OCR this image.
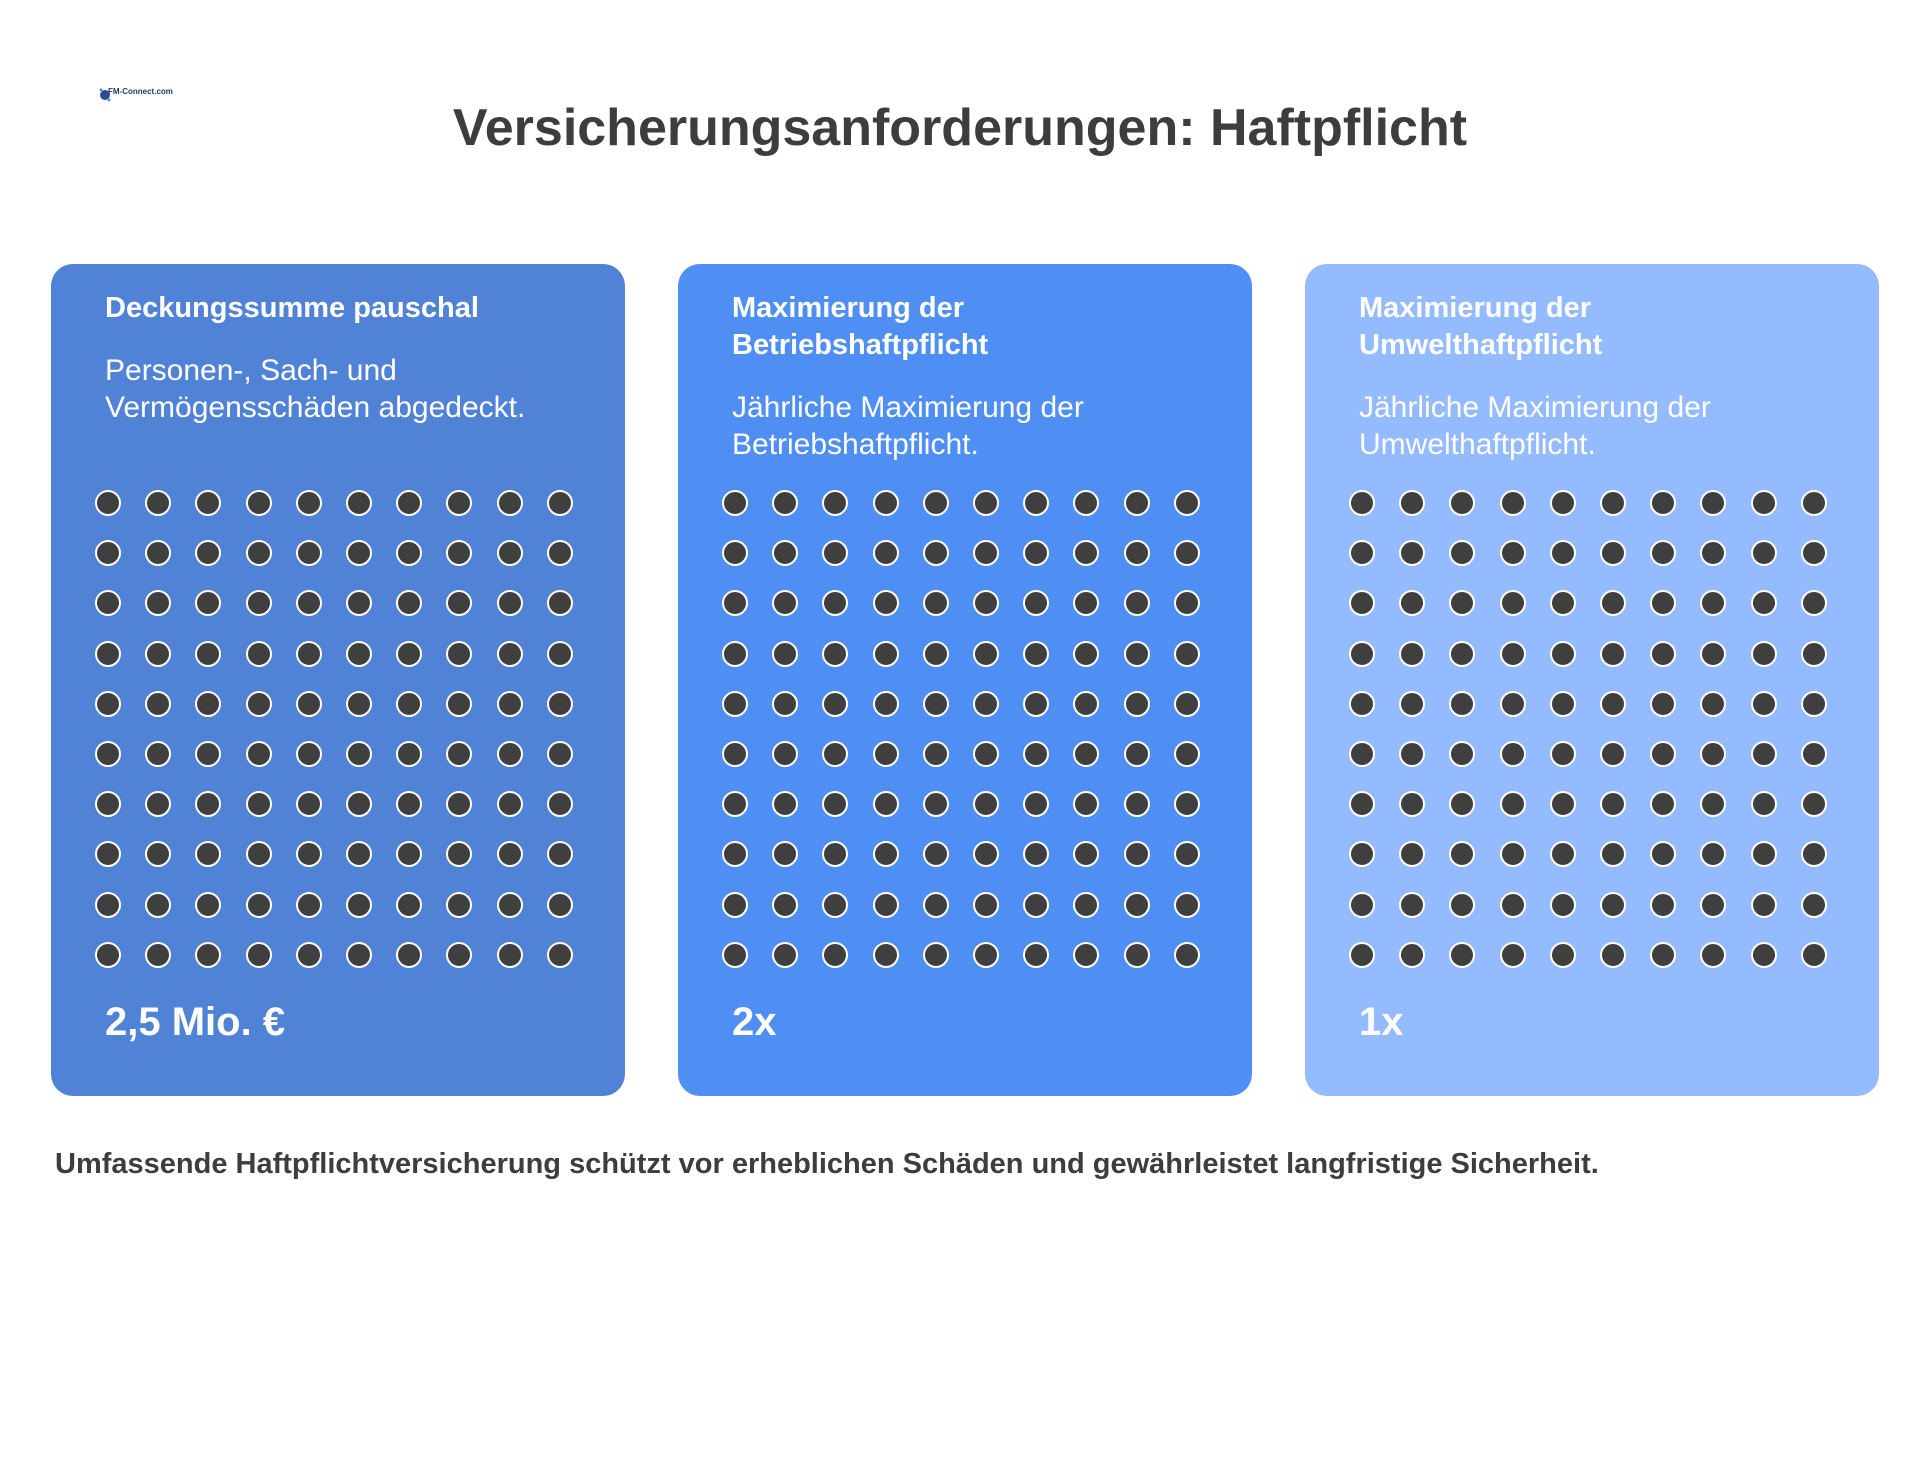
FM-Connect.com
Versicherungsanforderungen: Haftpflicht
Deckungssumme pauschal
Personen-, Sach- und Vermögensschäden abgedeckt.
2,5 Mio. €
Maximierung der Betriebshaftpflicht
Jährliche Maximierung der Betriebshaftpflicht.
2x
Maximierung der Umwelthaftpflicht
Jährliche Maximierung der Umwelthaftpflicht.
1x

Umfassende Haftpflichtversicherung schützt vor erheblichen Schäden und gewährleistet langfristige Sicherheit.
